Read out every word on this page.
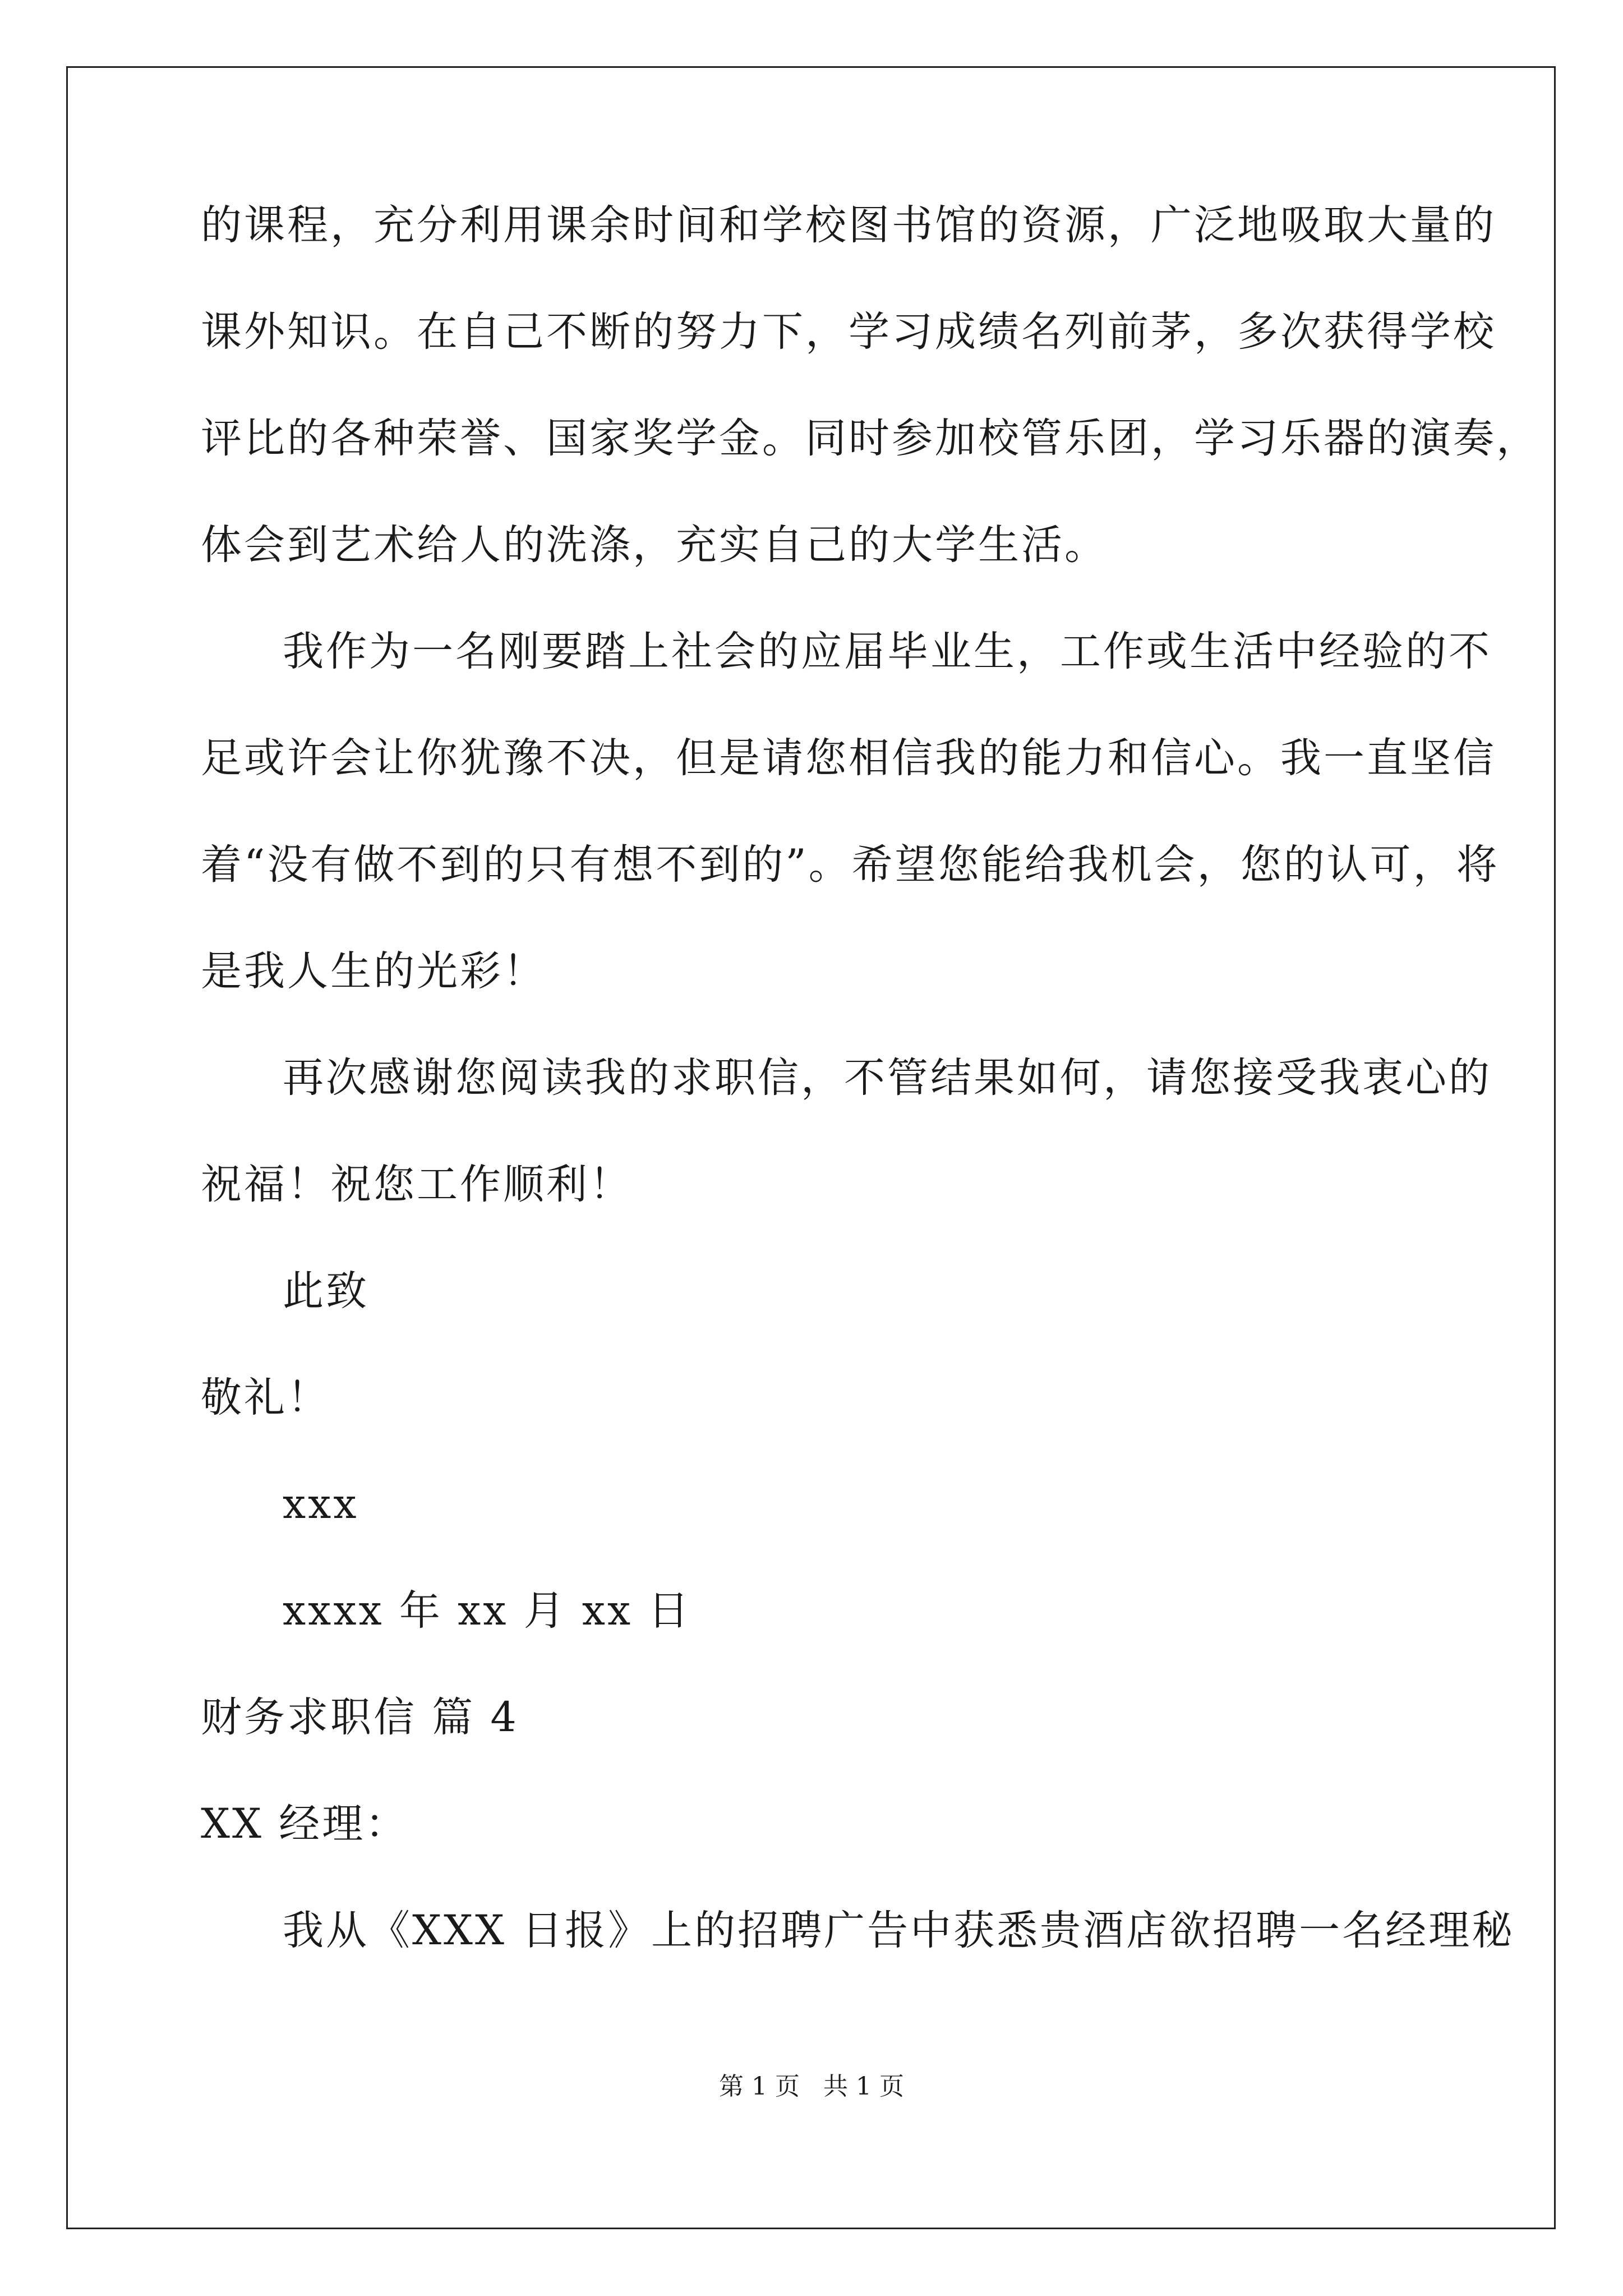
的课程，充分利用课余时间和学校图书馆的资源，广泛地吸取大量的
课外知识。在自己不断的努力下，学习成绩名列前茅，多次获得学校
评比的各种荣誉、国家奖学金。同时参加校管乐团，学习乐器的演奏，
体会到艺术给人的洗涤，充实自己的大学生活。
我作为一名刚要踏上社会的应届毕业生，工作或生活中经验的不
足或许会让你犹豫不决，但是请您相信我的能力和信心。我一直坚信
着“没有做不到的只有想不到的”。希望您能给我机会，您的认可，将
是我人生的光彩！
再次感谢您阅读我的求职信，不管结果如何，请您接受我衷心的
祝福！祝您工作顺利！
此致
敬礼！
xxx
xxxx 年 xx 月 xx 日
财务求职信 篇 4
XX 经理：
我从《XXX 日报》上的招聘广告中获悉贵酒店欲招聘一名经理秘
第 1 页   共 1 页
